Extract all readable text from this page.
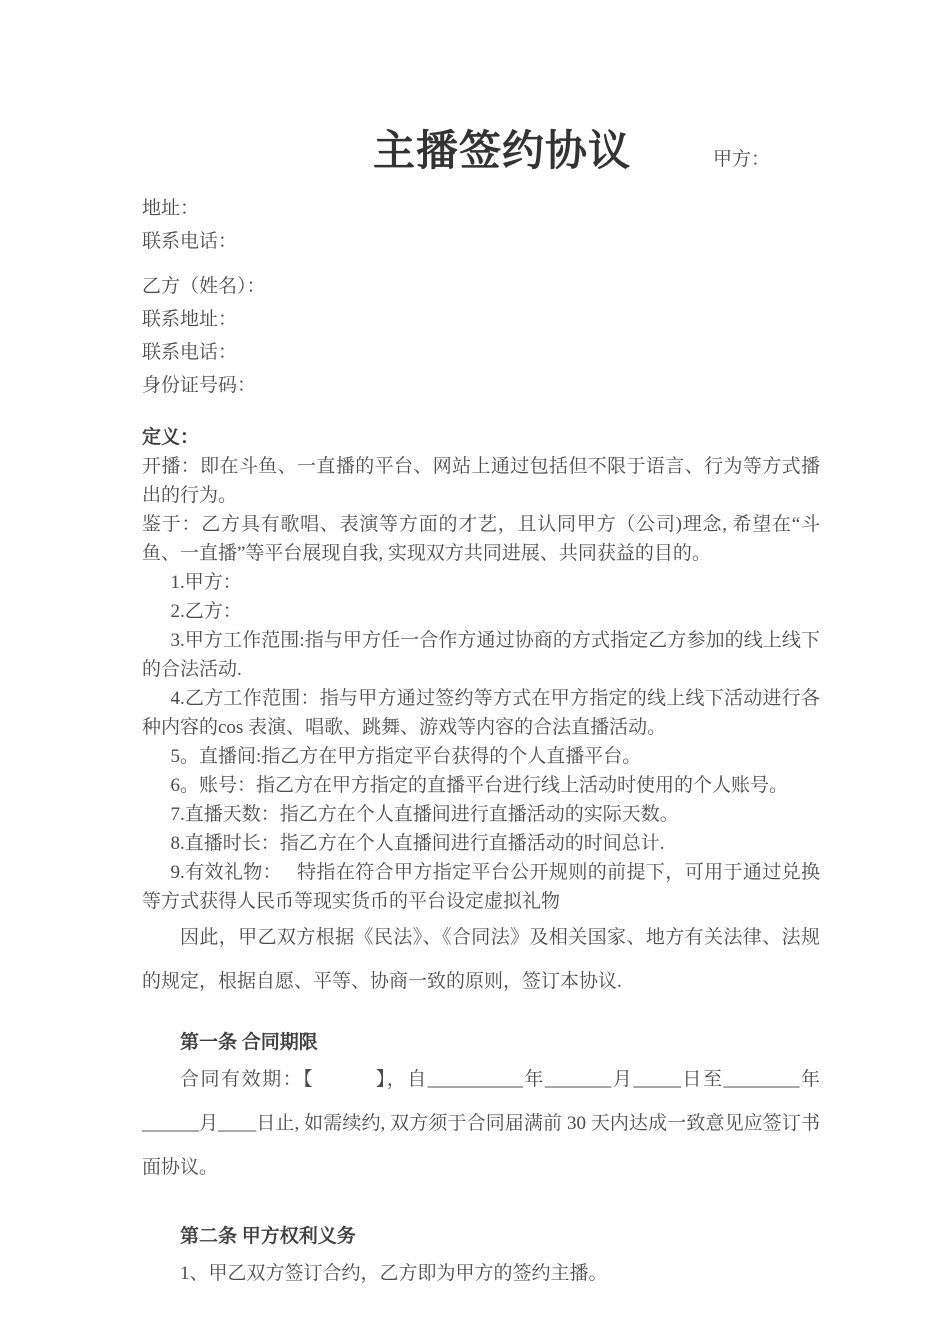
主播签约协议	甲方：

地址：

联系电话：

乙方（姓名）：

联系地址：

联系电话：

身份证号码：

定义：

开播：即在斗鱼、一直播的平台、网站上通过包括但不限于语言、行为等方式播出的行为。

鉴于：乙方具有歌唱、表演等方面的才艺，且认同甲方（公司)理念, 希望在“斗鱼、一直播”等平台展现自我, 实现双方共同进展、共同获益的目的。

1.甲方：

2.乙方：

3.甲方工作范围:指与甲方任一合作方通过协商的方式指定乙方参加的线上线下的合法活动.

4.乙方工作范围：指与甲方通过签约等方式在甲方指定的线上线下活动进行各种内容的cos 表演、唱歌、跳舞、游戏等内容的合法直播活动。

5。直播间:指乙方在甲方指定平台获得的个人直播平台。

6。账号：指乙方在甲方指定的直播平台进行线上活动时使用的个人账号。

7.直播天数：指乙方在个人直播间进行直播活动的实际天数。

8.直播时长：指乙方在个人直播间进行直播活动的时间总计.

9.有效礼物：　 特指在符合甲方指定平台公开规则的前提下，可用于通过兑换等方式获得人民币等现实货币的平台设定虚拟礼物

因此，甲乙双方根据《民法》、《合同法》及相关国家、地方有关法律、法规的规定，根据自愿、平等、协商一致的原则，签订本协议.

第一条 合同期限

合同有效期：【　　　】，自__________年_______月_____日至________年______月____日止, 如需续约, 双方须于合同届满前 30 天内达成一致意见应签订书面协议。

第二条 甲方权利义务

1、甲乙双方签订合约，乙方即为甲方的签约主播。
